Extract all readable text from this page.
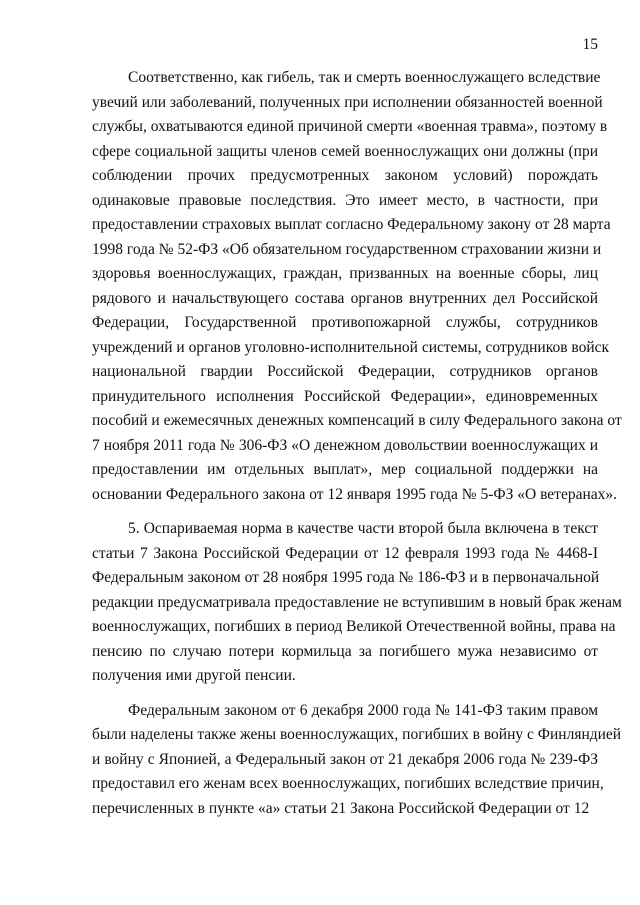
15
Соответственно, как гибель, так и смерть военнослужащего вследствие
увечий или заболеваний, полученных при исполнении обязанностей военной
службы, охватываются единой причиной смерти «военная травма», поэтому в
сфере социальной защиты членов семей военнослужащих они должны (при
соблюдении прочих предусмотренных законом условий) порождать
одинаковые правовые последствия. Это имеет место, в частности, при
предоставлении страховых выплат согласно Федеральному закону от 28 марта
1998 года № 52-ФЗ «Об обязательном государственном страховании жизни и
здоровья военнослужащих, граждан, призванных на военные сборы, лиц
рядового и начальствующего состава органов внутренних дел Российской
Федерации, Государственной противопожарной службы, сотрудников
учреждений и органов уголовно-исполнительной системы, сотрудников войск
национальной гвардии Российской Федерации, сотрудников органов
принудительного исполнения Российской Федерации», единовременных
пособий и ежемесячных денежных компенсаций в силу Федерального закона от
7 ноября 2011 года № 306-ФЗ «О денежном довольствии военнослужащих и
предоставлении им отдельных выплат», мер социальной поддержки на
основании Федерального закона от 12 января 1995 года № 5-ФЗ «О ветеранах».
5. Оспариваемая норма в качестве части второй была включена в текст
статьи 7 Закона Российской Федерации от 12 февраля 1993 года № 4468-I
Федеральным законом от 28 ноября 1995 года № 186-ФЗ и в первоначальной
редакции предусматривала предоставление не вступившим в новый брак женам
военнослужащих, погибших в период Великой Отечественной войны, права на
пенсию по случаю потери кормильца за погибшего мужа независимо от
получения ими другой пенсии.
Федеральным законом от 6 декабря 2000 года № 141-ФЗ таким правом
были наделены также жены военнослужащих, погибших в войну с Финляндией
и войну с Японией, а Федеральный закон от 21 декабря 2006 года № 239-ФЗ
предоставил его женам всех военнослужащих, погибших вследствие причин,
перечисленных в пункте «а» статьи 21 Закона Российской Федерации от 12
